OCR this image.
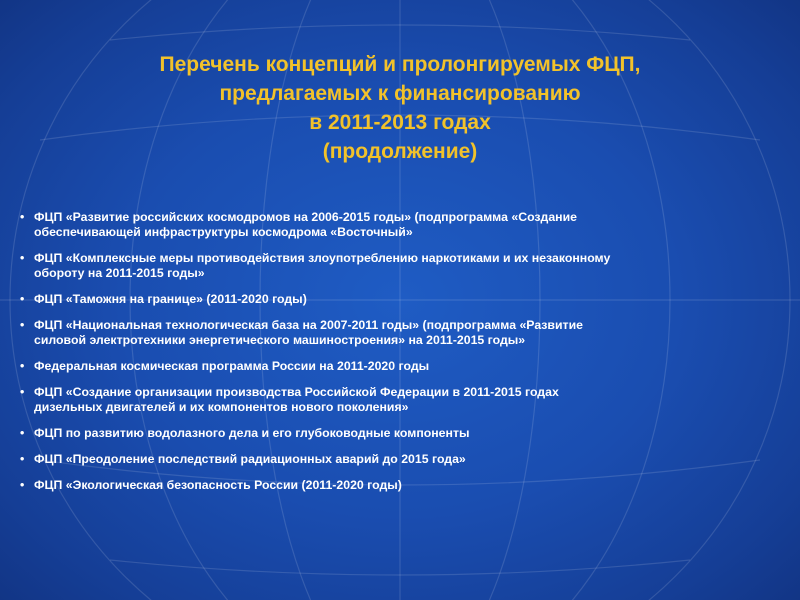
Перечень концепций и пролонгируемых ФЦП,
предлагаемых к финансированию
в 2011-2013 годах
(продолжение)
• ФЦП «Развитие российских космодромов на 2006-2015 годы» (подпрограмма «Создание
обеспечивающей инфраструктуры космодрома «Восточный»
• ФЦП «Комплексные меры противодействия злоупотреблению наркотиками и их незаконному
обороту на 2011-2015 годы»
• ФЦП «Таможня на границе» (2011-2020 годы)
• ФЦП «Национальная технологическая база на 2007-2011 годы» (подпрограмма «Развитие
силовой электротехники энергетического машиностроения» на 2011-2015 годы»
• Федеральная космическая программа России на 2011-2020 годы
• ФЦП «Создание организации производства Российской Федерации в 2011-2015 годах
дизельных двигателей и их компонентов нового поколения»
• ФЦП по развитию водолазного дела и его глубоководные компоненты
• ФЦП «Преодоление последствий радиационных аварий до 2015 года»
• ФЦП «Экологическая безопасность России (2011-2020 годы)
